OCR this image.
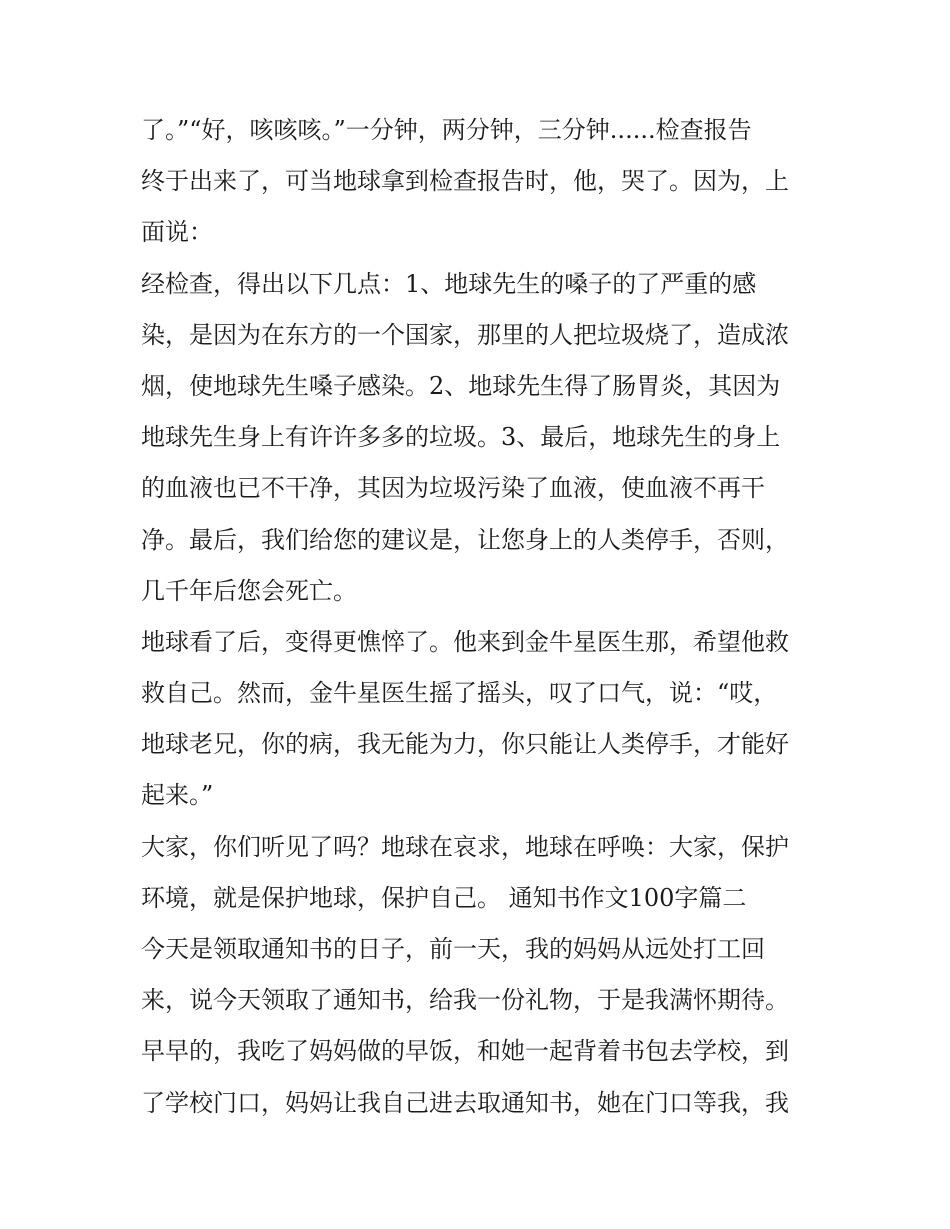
了。”“好，咳咳咳。”一分钟，两分钟，三分钟......检查报告
终于出来了，可当地球拿到检查报告时，他，哭了。因为，上
面说：
经检查，得出以下几点：1、地球先生的嗓子的了严重的感
染，是因为在东方的一个国家，那里的人把垃圾烧了，造成浓
烟，使地球先生嗓子感染。2、地球先生得了肠胃炎，其因为
地球先生身上有许许多多的垃圾。3、最后，地球先生的身上
的血液也已不干净，其因为垃圾污染了血液，使血液不再干
净。最后，我们给您的建议是，让您身上的人类停手，否则，
几千年后您会死亡。
地球看了后，变得更憔悴了。他来到金牛星医生那，希望他救
救自己。然而，金牛星医生摇了摇头，叹了口气，说：“哎，
地球老兄，你的病，我无能为力，你只能让人类停手，才能好
起来。”
大家，你们听见了吗？地球在哀求，地球在呼唤：大家，保护
环境，就是保护地球，保护自己。 通知书作文100字篇二
今天是领取通知书的日子，前一天，我的妈妈从远处打工回
来，说今天领取了通知书，给我一份礼物，于是我满怀期待。
早早的，我吃了妈妈做的早饭，和她一起背着书包去学校，到
了学校门口，妈妈让我自己进去取通知书，她在门口等我，我
